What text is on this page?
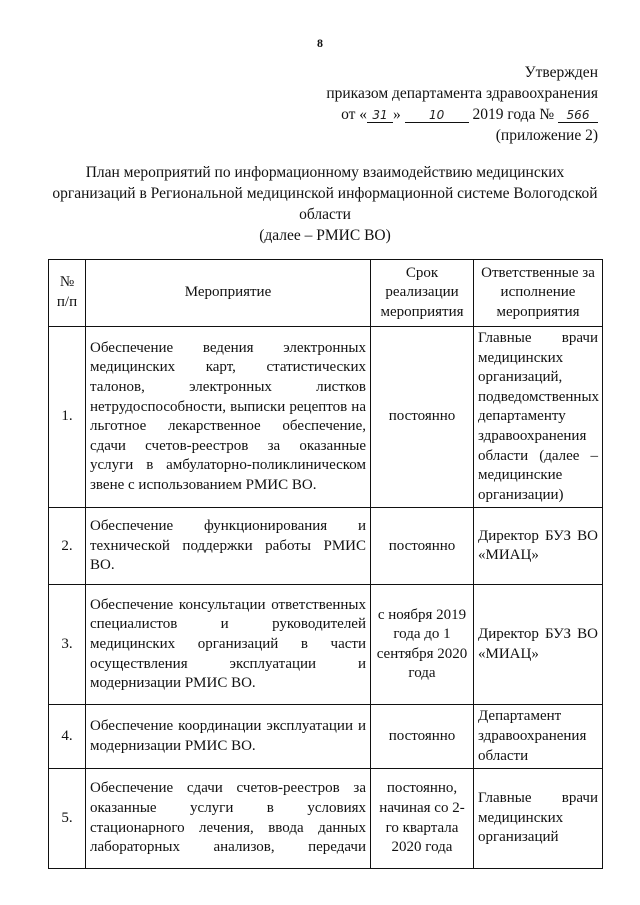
8
Утвержден
приказом департамента здравоохранения
от « 31 » 10 2019 года № 566
(приложение 2)
План мероприятий по информационному взаимодействию медицинских
организаций в Региональной медицинской информационной системе Вологодской
области
(далее – РМИС ВО)
№ п/п	Мероприятие	Срок реализации мероприятия	Ответственные за исполнение мероприятия
1.	Обеспечение ведения электронных медицинских карт, статистических талонов, электронных листков нетрудоспособности, выписки рецептов на льготное лекарственное обеспечение, сдачи счетов-реестров за оказанные услуги в амбулаторно-поликлиническом звене с использованием РМИС ВО.	постоянно	Главные врачи медицинских организаций, подведомственных департаменту здравоохранения области (далее – медицинские организации)
2.	Обеспечение функционирования и технической поддержки работы РМИС ВО.	постоянно	Директор БУЗ ВО «МИАЦ»
3.	Обеспечение консультации ответственных специалистов и руководителей медицинских организаций в части осуществления эксплуатации и модернизации РМИС ВО.	с ноября 2019 года до 1 сентября 2020 года	Директор БУЗ ВО «МИАЦ»
4.	Обеспечение координации эксплуатации и модернизации РМИС ВО.	постоянно	Департамент здравоохранения области
5.	Обеспечение сдачи счетов-реестров за оказанные услуги в условиях стационарного лечения, ввода данных лабораторных анализов, передачи	постоянно, начиная со 2-го квартала 2020 года	Главные врачи медицинских организаций
